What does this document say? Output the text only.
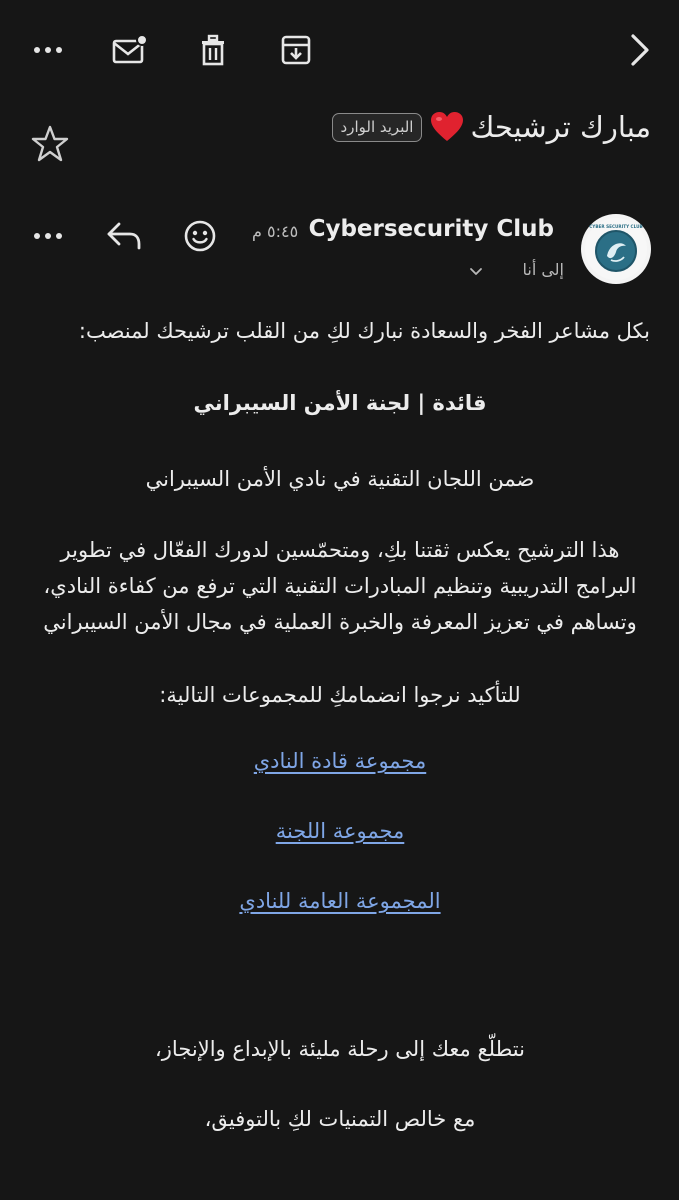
مبارك ترشيحك
البريد الوارد
CYBER SECURITY CLUB
Cybersecurity Club
٥:٤٥ م
إلى أنا

بكل مشاعر الفخر والسعادة نبارك لكِ من القلب ترشيحك لمنصب:

قائدة | لجنة الأمن السيبراني

ضمن اللجان التقنية في نادي الأمن السيبراني

هذا الترشيح يعكس ثقتنا بكِ، ومتحمّسين لدورك الفعّال في تطوير البرامج التدريبية وتنظيم المبادرات التقنية التي ترفع من كفاءة النادي، وتساهم في تعزيز المعرفة والخبرة العملية في مجال الأمن السيبراني

للتأكيد نرجوا انضمامكِ للمجموعات التالية:

مجموعة قادة النادي

مجموعة اللجنة

المجموعة العامة للنادي

نتطلّع معك إلى رحلة مليئة بالإبداع والإنجاز،

مع خالص التمنيات لكِ بالتوفيق،
